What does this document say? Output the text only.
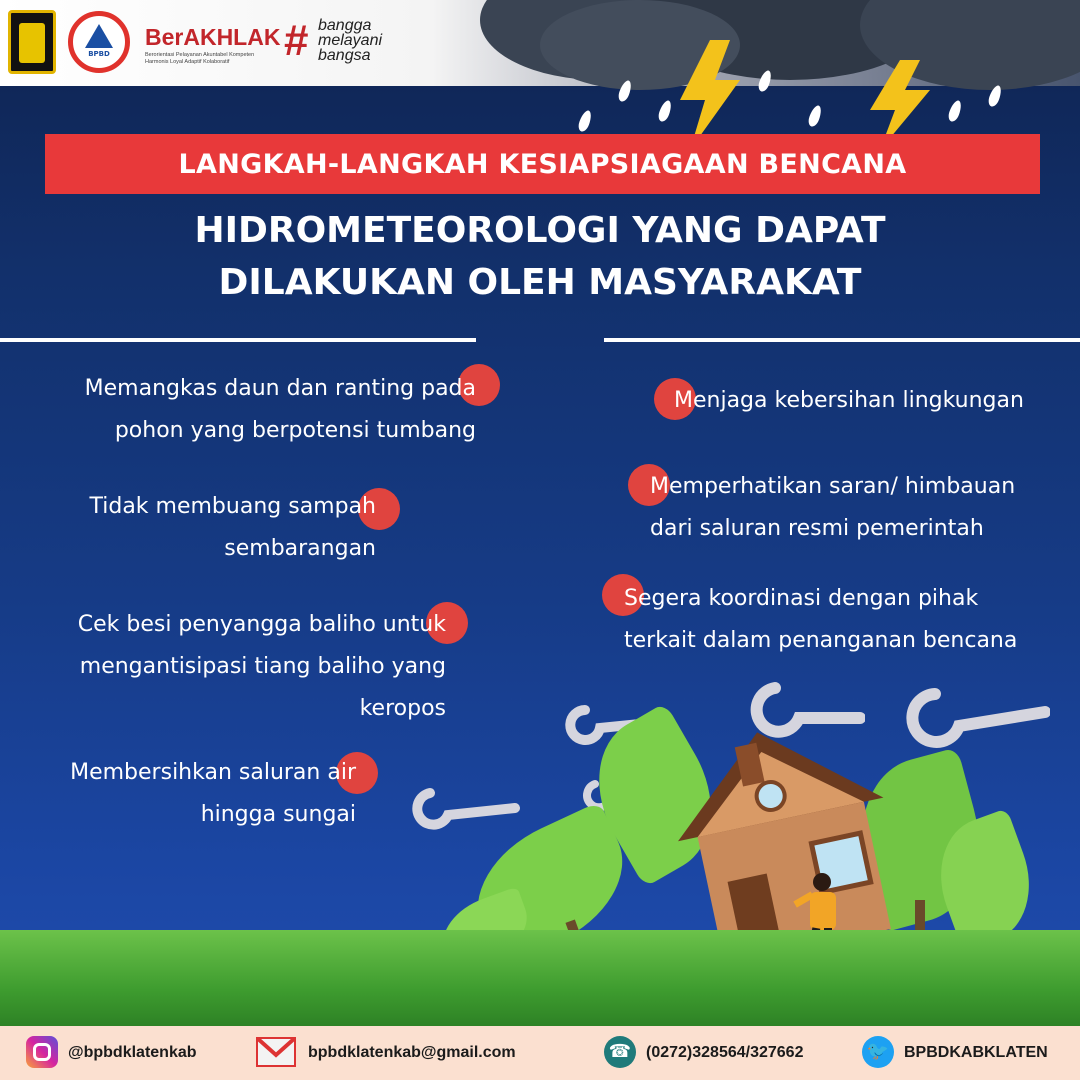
BPBD
BerAKHLAK
Berorientasi Pelayanan Akuntabel Kompeten Harmonis Loyal Adaptif Kolaboratif	# bangga
melayani
bangsa
LANGKAH-LANGKAH KESIAPSIAGAAN BENCANA
HIDROMETEOROLOGI YANG DAPAT
DILAKUKAN OLEH MASYARAKAT
Memangkas daun dan ranting pada
pohon yang berpotensi tumbang
Tidak membuang sampah
sembarangan
Cek besi penyangga baliho untuk
mengantisipasi tiang baliho yang
keropos
Membersihkan saluran air
hingga sungai
Menjaga kebersihan lingkungan
Memperhatikan saran/ himbauan
dari saluran resmi pemerintah
Segera koordinasi dengan pihak
terkait dalam penanganan bencana
@bpbdklatenkab	bpbdklatenkab@gmail.com	☎ (0272)328564/327662	🐦 BPBDKABKLATEN
